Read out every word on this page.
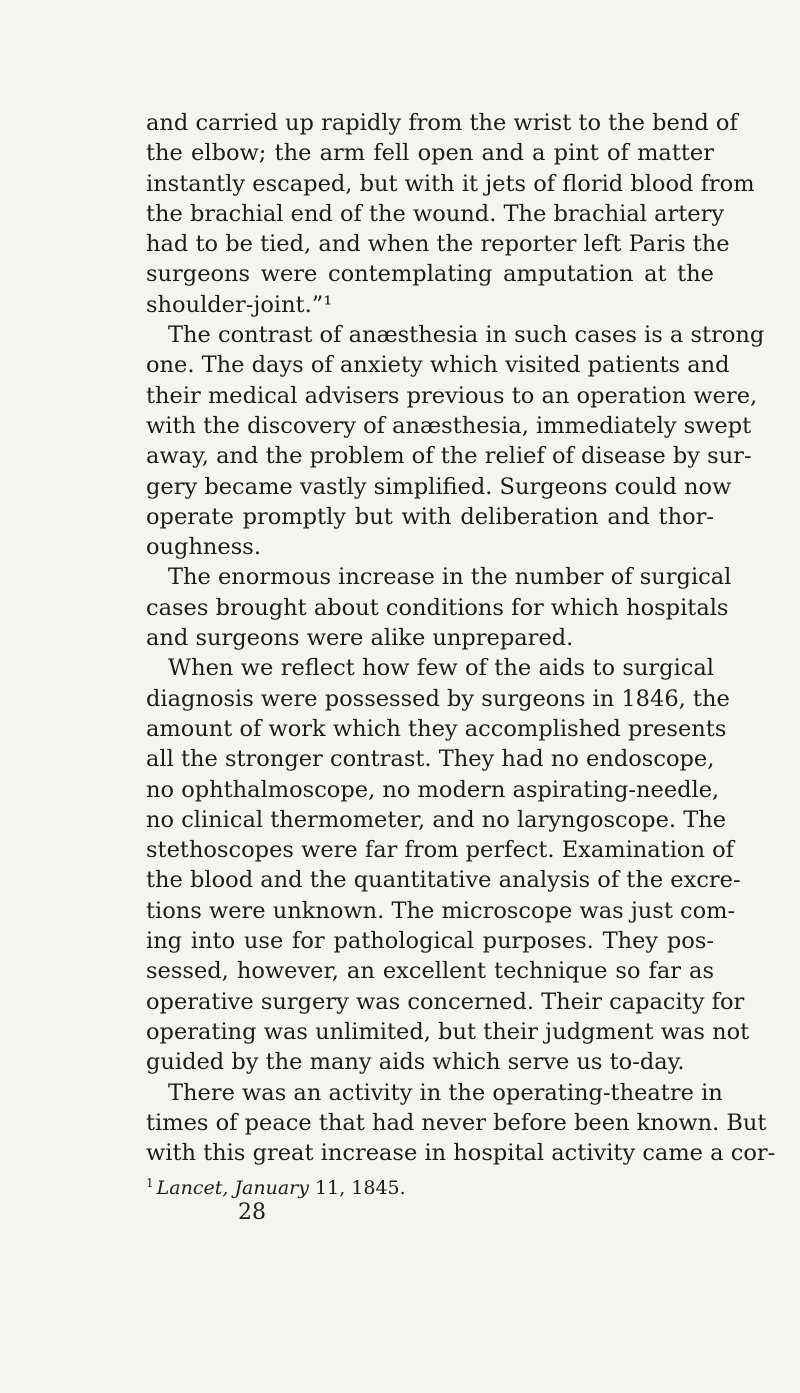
and carried up rapidly from the wrist to the bend of
the elbow; the arm fell open and a pint of matter
instantly escaped, but with it jets of florid blood from
the brachial end of the wound. The brachial artery
had to be tied, and when the reporter left Paris the
surgeons were contemplating amputation at the
shoulder-joint.”¹
The contrast of anæsthesia in such cases is a strong
one. The days of anxiety which visited patients and
their medical advisers previous to an operation were,
with the discovery of anæsthesia, immediately swept
away, and the problem of the relief of disease by sur-
gery became vastly simplified. Surgeons could now
operate promptly but with deliberation and thor-
oughness.
The enormous increase in the number of surgical
cases brought about conditions for which hospitals
and surgeons were alike unprepared.
When we reflect how few of the aids to surgical
diagnosis were possessed by surgeons in 1846, the
amount of work which they accomplished presents
all the stronger contrast. They had no endoscope,
no ophthalmoscope, no modern aspirating-needle,
no clinical thermometer, and no laryngoscope. The
stethoscopes were far from perfect. Examination of
the blood and the quantitative analysis of the excre-
tions were unknown. The microscope was just com-
ing into use for pathological purposes. They pos-
sessed, however, an excellent technique so far as
operative surgery was concerned. Their capacity for
operating was unlimited, but their judgment was not
guided by the many aids which serve us to-day.
There was an activity in the operating-theatre in
times of peace that had never before been known. But
with this great increase in hospital activity came a cor-
$^1$ Lancet, January 11, 1845.
28
